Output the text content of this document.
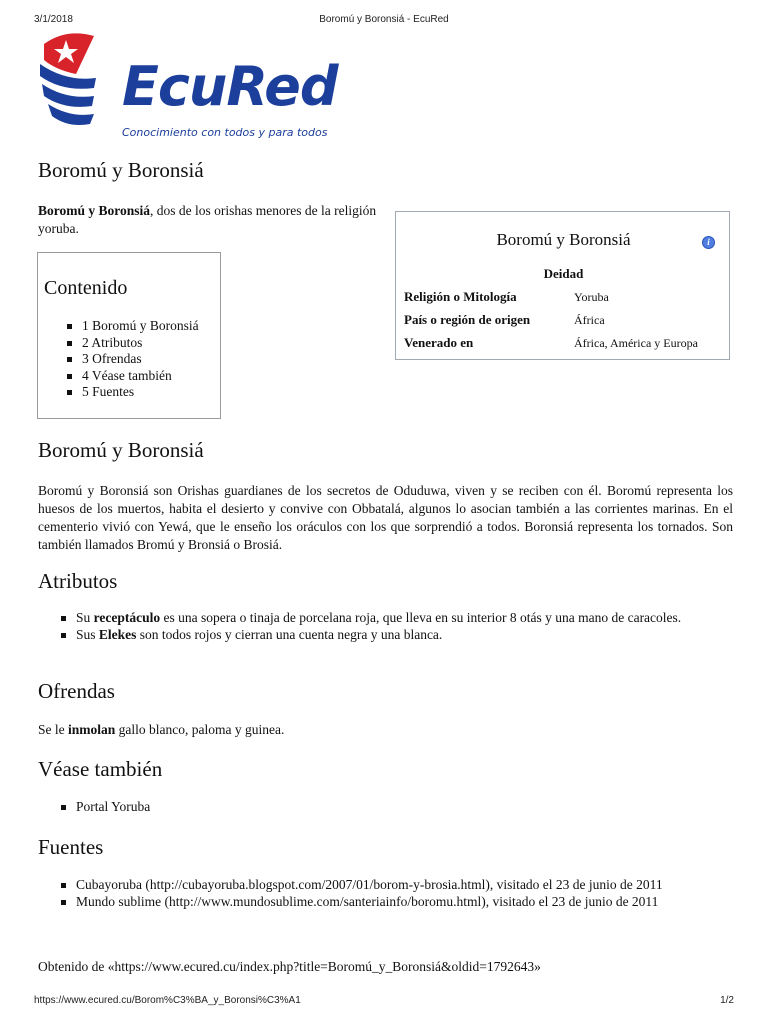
3/1/2018	Boromú y Boronsiá - EcuRed
EcuRed
Conocimiento con todos y para todos
Boromú y Boronsiá

Boromú y Boronsiá, dos de los orishas menores de la religión yoruba.

Contenido
1 Boromú y Boronsiá
2 Atributos
3 Ofrendas
4 Véase también
5 Fuentes
Boromú y Boronsiá	i
Deidad
Religión o Mitología	Yoruba
País o región de origen	África
Venerado en	África, América y Europa
Boromú y Boronsiá

Boromú y Boronsiá son Orishas guardianes de los secretos de Oduduwa, viven y se reciben con él. Boromú representa los huesos de los muertos, habita el desierto y convive con Obbatalá, algunos lo asocian también a las corrientes marinas. En el cementerio vivió con Yewá, que le enseño los oráculos con los que sorprendió a todos. Boronsiá representa los tornados. Son también llamados Bromú y Bronsiá o Brosiá.

Atributos
Su receptáculo es una sopera o tinaja de porcelana roja, que lleva en su interior 8 otás y una mano de caracoles.
Sus Elekes son todos rojos y cierran una cuenta negra y una blanca.
Ofrendas

Se le inmolan gallo blanco, paloma y guinea.

Véase también
Portal Yoruba
Fuentes
Cubayoruba (http://cubayoruba.blogspot.com/2007/01/borom-y-brosia.html), visitado el 23 de junio de 2011
Mundo sublime (http://www.mundosublime.com/santeriainfo/boromu.html), visitado el 23 de junio de 2011

Obtenido de «https://www.ecured.cu/index.php?title=Boromú_y_Boronsiá&oldid=1792643»

https://www.ecured.cu/Borom%C3%BA_y_Boronsi%C3%A1	1/2
